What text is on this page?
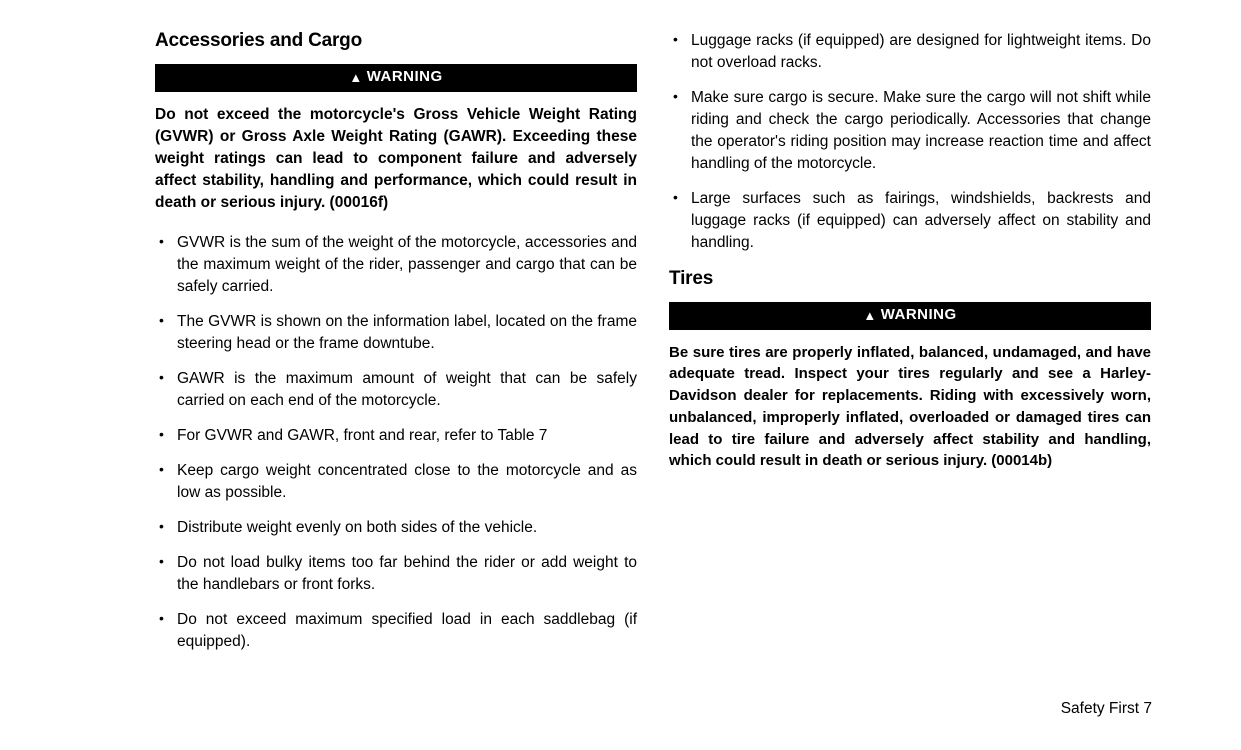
Accessories and Cargo
▲ WARNING

Do not exceed the motorcycle's Gross Vehicle Weight Rating (GVWR) or Gross Axle Weight Rating (GAWR). Exceeding these weight ratings can lead to component failure and adversely affect stability, handling and performance, which could result in death or serious injury. (00016f)

• GVWR is the sum of the weight of the motorcycle, accessories and the maximum weight of the rider, passenger and cargo that can be safely carried.
• The GVWR is shown on the information label, located on the frame steering head or the frame downtube.
• GAWR is the maximum amount of weight that can be safely carried on each end of the motorcycle.
• For GVWR and GAWR, front and rear, refer to Table 7
• Keep cargo weight concentrated close to the motorcycle and as low as possible.
• Distribute weight evenly on both sides of the vehicle.
• Do not load bulky items too far behind the rider or add weight to the handlebars or front forks.
• Do not exceed maximum specified load in each saddlebag (if equipped).
• Luggage racks (if equipped) are designed for lightweight items. Do not overload racks.
• Make sure cargo is secure. Make sure the cargo will not shift while riding and check the cargo periodically. Accessories that change the operator's riding position may increase reaction time and affect handling of the motorcycle.
• Large surfaces such as fairings, windshields, backrests and luggage racks (if equipped) can adversely affect on stability and handling.
Tires
▲ WARNING

Be sure tires are properly inflated, balanced, undamaged, and have adequate tread. Inspect your tires regularly and see a Harley-Davidson dealer for replacements. Riding with excessively worn, unbalanced, improperly inflated, overloaded or damaged tires can lead to tire failure and adversely affect stability and handling, which could result in death or serious injury. (00014b)

Safety First 7
